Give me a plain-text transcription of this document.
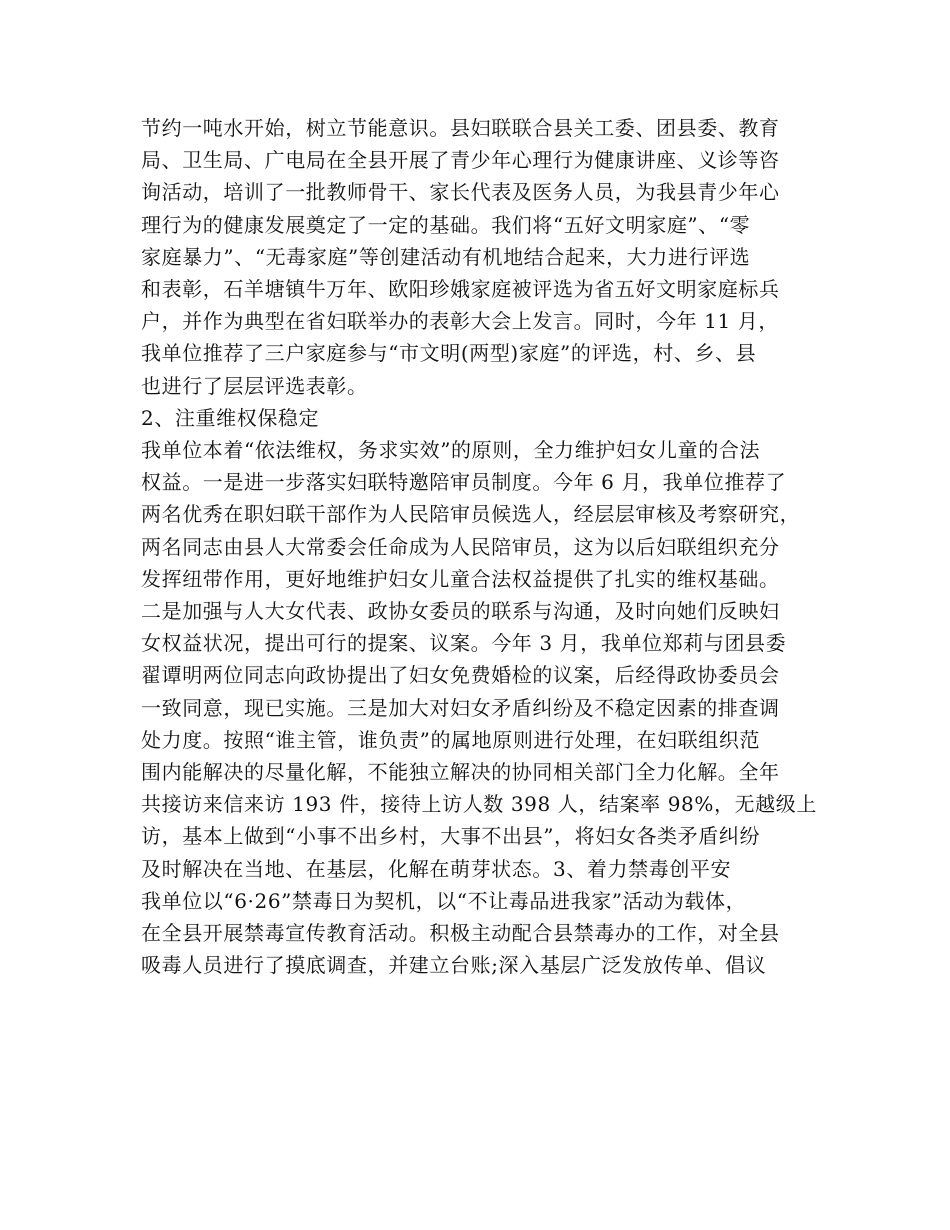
节约一吨水开始，树立节能意识。县妇联联合县关工委、团县委、教育
局、卫生局、广电局在全县开展了青少年心理行为健康讲座、义诊等咨
询活动，培训了一批教师骨干、家长代表及医务人员，为我县青少年心
理行为的健康发展奠定了一定的基础。我们将“五好文明家庭”、“零
家庭暴力”、“无毒家庭”等创建活动有机地结合起来，大力进行评选
和表彰，石羊塘镇牛万年、欧阳珍娥家庭被评选为省五好文明家庭标兵
户，并作为典型在省妇联举办的表彰大会上发言。同时，今年 11 月，
我单位推荐了三户家庭参与“市文明(两型)家庭”的评选，村、乡、县
也进行了层层评选表彰。
2、注重维权保稳定
我单位本着“依法维权，务求实效”的原则，全力维护妇女儿童的合法
权益。一是进一步落实妇联特邀陪审员制度。今年 6 月，我单位推荐了
两名优秀在职妇联干部作为人民陪审员候选人，经层层审核及考察研究，
两名同志由县人大常委会任命成为人民陪审员，这为以后妇联组织充分
发挥纽带作用，更好地维护妇女儿童合法权益提供了扎实的维权基础。
二是加强与人大女代表、政协女委员的联系与沟通，及时向她们反映妇
女权益状况，提出可行的提案、议案。今年 3 月，我单位郑莉与团县委
翟谭明两位同志向政协提出了妇女免费婚检的议案，后经得政协委员会
一致同意，现已实施。三是加大对妇女矛盾纠纷及不稳定因素的排查调
处力度。按照“谁主管，谁负责”的属地原则进行处理，在妇联组织范
围内能解决的尽量化解，不能独立解决的协同相关部门全力化解。全年
共接访来信来访 193 件，接待上访人数 398 人，结案率 98%，无越级上
访，基本上做到“小事不出乡村，大事不出县”，将妇女各类矛盾纠纷
及时解决在当地、在基层，化解在萌芽状态。3、着力禁毒创平安
我单位以“6·26”禁毒日为契机，以“不让毒品进我家”活动为载体，
在全县开展禁毒宣传教育活动。积极主动配合县禁毒办的工作，对全县
吸毒人员进行了摸底调查，并建立台账;深入基层广泛发放传单、倡议
